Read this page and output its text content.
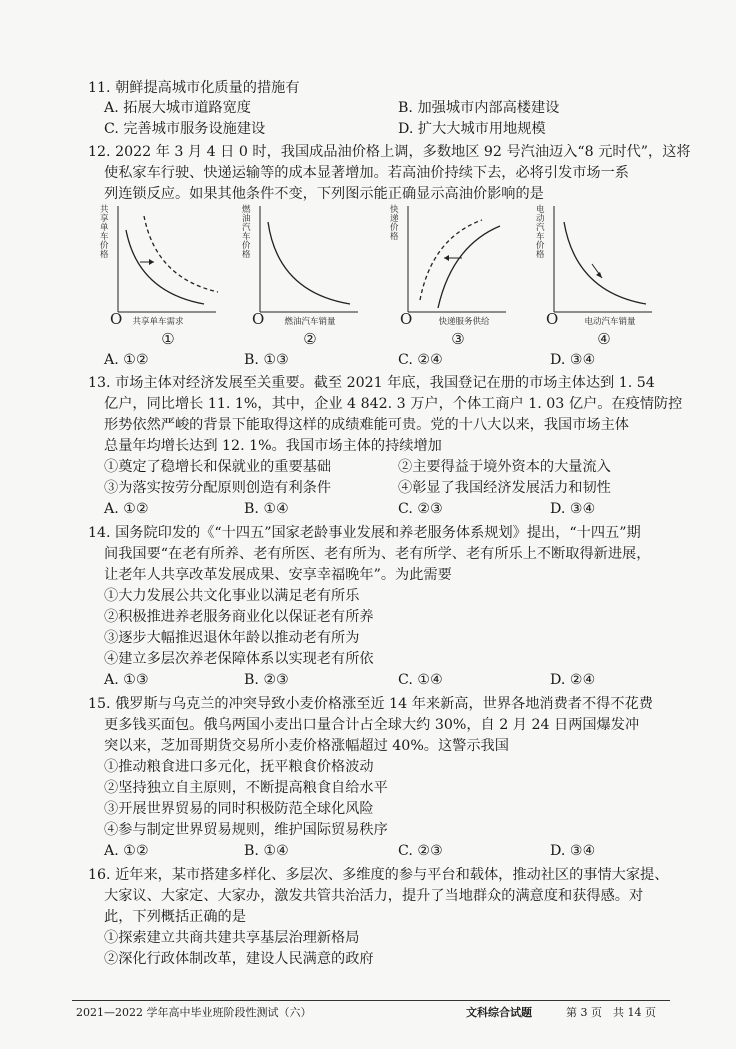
11. 朝鲜提高城市化质量的措施有
A. 拓展大城市道路宽度	B. 加强城市内部高楼建设
C. 完善城市服务设施建设	D. 扩大大城市用地规模
12. 2022 年 3 月 4 日 0 时，我国成品油价格上调，多数地区 92 号汽油迈入“8 元时代”，这将
使私家车行驶、快递运输等的成本显著增加。若高油价持续下去，必将引发市场一系
列连锁反应。如果其他条件不变，下列图示能正确显示高油价影响的是
共享单车价格
O 共享单车需求
①
燃油汽车价格
O 燃油汽车销量
②
快递价格
O	快递服务供给
③
电动汽车价格
O	电动汽车销量
④
A. ①②	B. ①③	C. ②④	D. ③④
13. 市场主体对经济发展至关重要。截至 2021 年底，我国登记在册的市场主体达到 1. 54
亿户，同比增长 11. 1%，其中，企业 4 842. 3 万户，个体工商户 1. 03 亿户。在疫情防控
形势依然严峻的背景下能取得这样的成绩难能可贵。党的十八大以来，我国市场主体
总量年均增长达到 12. 1%。我国市场主体的持续增加
①奠定了稳增长和保就业的重要基础	②主要得益于境外资本的大量流入
③为落实按劳分配原则创造有利条件	④彰显了我国经济发展活力和韧性
A. ①②	B. ①④	C. ②③	D. ③④
14. 国务院印发的《“十四五”国家老龄事业发展和养老服务体系规划》提出，“十四五”期
间我国要“在老有所养、老有所医、老有所为、老有所学、老有所乐上不断取得新进展，
让老年人共享改革发展成果、安享幸福晚年”。为此需要
①大力发展公共文化事业以满足老有所乐
②积极推进养老服务商业化以保证老有所养
③逐步大幅推迟退休年龄以推动老有所为
④建立多层次养老保障体系以实现老有所依
A. ①③	B. ②③	C. ①④	D. ②④
15. 俄罗斯与乌克兰的冲突导致小麦价格涨至近 14 年来新高，世界各地消费者不得不花费
更多钱买面包。俄乌两国小麦出口量合计占全球大约 30%，自 2 月 24 日两国爆发冲
突以来，芝加哥期货交易所小麦价格涨幅超过 40%。这警示我国
①推动粮食进口多元化，抚平粮食价格波动
②坚持独立自主原则，不断提高粮食自给水平
③开展世界贸易的同时积极防范全球化风险
④参与制定世界贸易规则，维护国际贸易秩序
A. ①②	B. ①④	C. ②③	D. ③④
16. 近年来，某市搭建多样化、多层次、多维度的参与平台和载体，推动社区的事情大家提、
大家议、大家定、大家办，激发共管共治活力，提升了当地群众的满意度和获得感。对
此，下列概括正确的是
①探索建立共商共建共享基层治理新格局
②深化行政体制改革，建设人民满意的政府
2021—2022 学年高中毕业班阶段性测试（六）	文科综合试题	第 3 页　共 14 页
